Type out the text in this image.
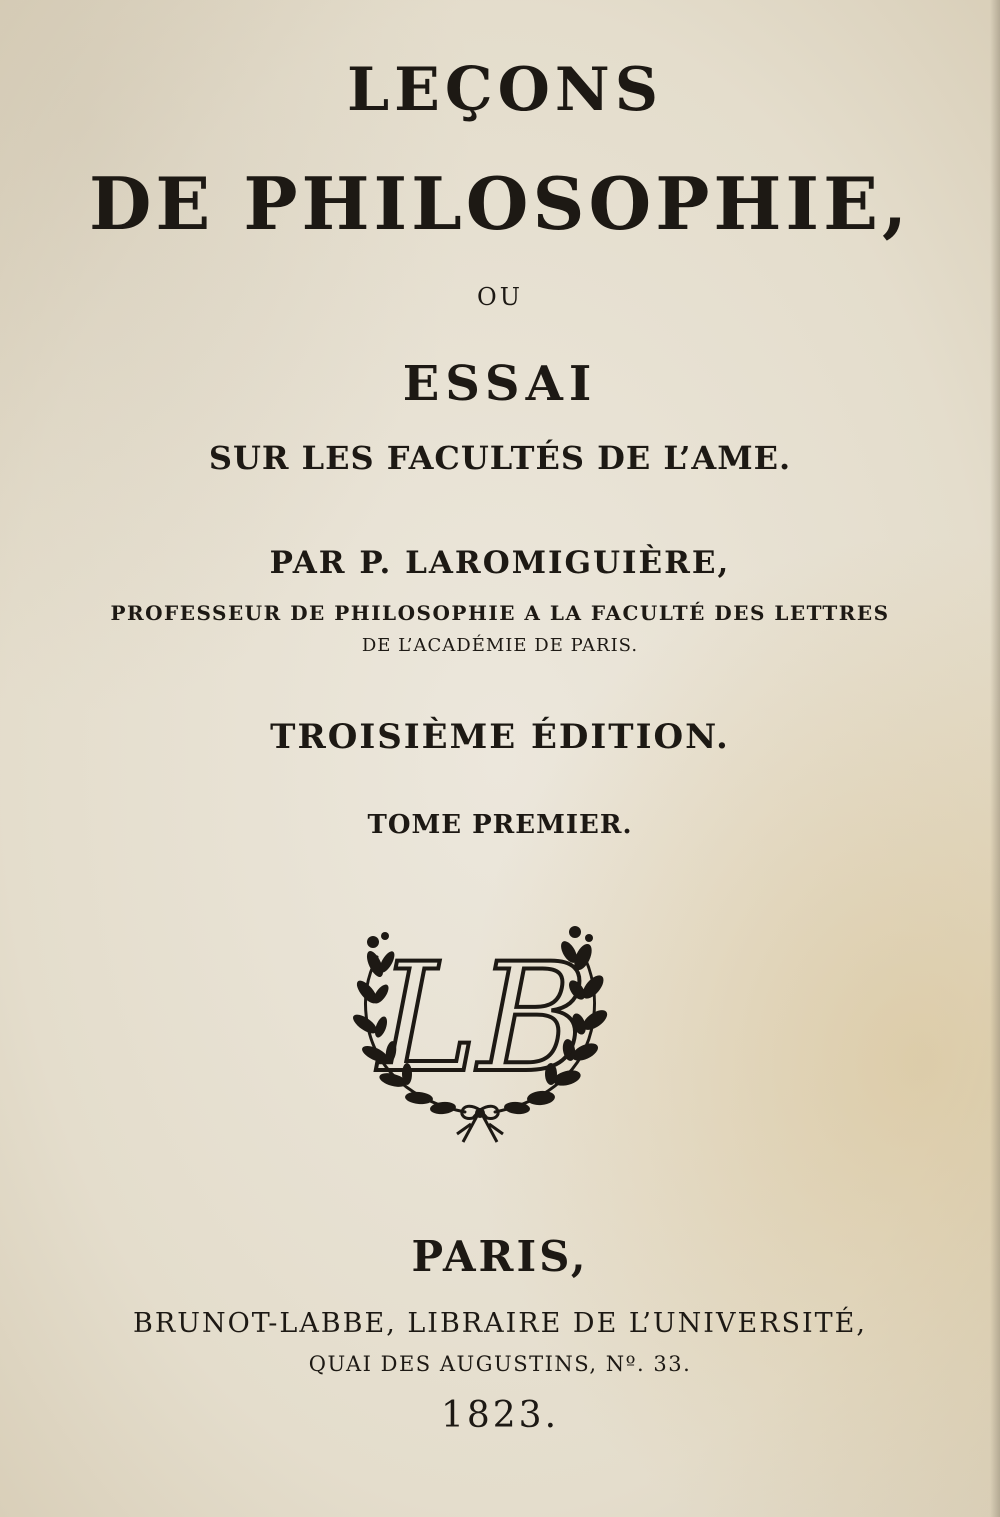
LEÇONS
DE PHILOSOPHIE,
OU
ESSAI
SUR LES FACULTÉS DE L’AME.
PAR P. LAROMIGUIÈRE,
PROFESSEUR DE PHILOSOPHIE A LA FACULTÉ DES LETTRES
DE L’ACADÉMIE DE PARIS.
TROISIÈME ÉDITION.
TOME PREMIER.
LB
PARIS,
BRUNOT-LABBE, LIBRAIRE DE L’UNIVERSITÉ,
QUAI DES AUGUSTINS, Nº. 33.
1823.
